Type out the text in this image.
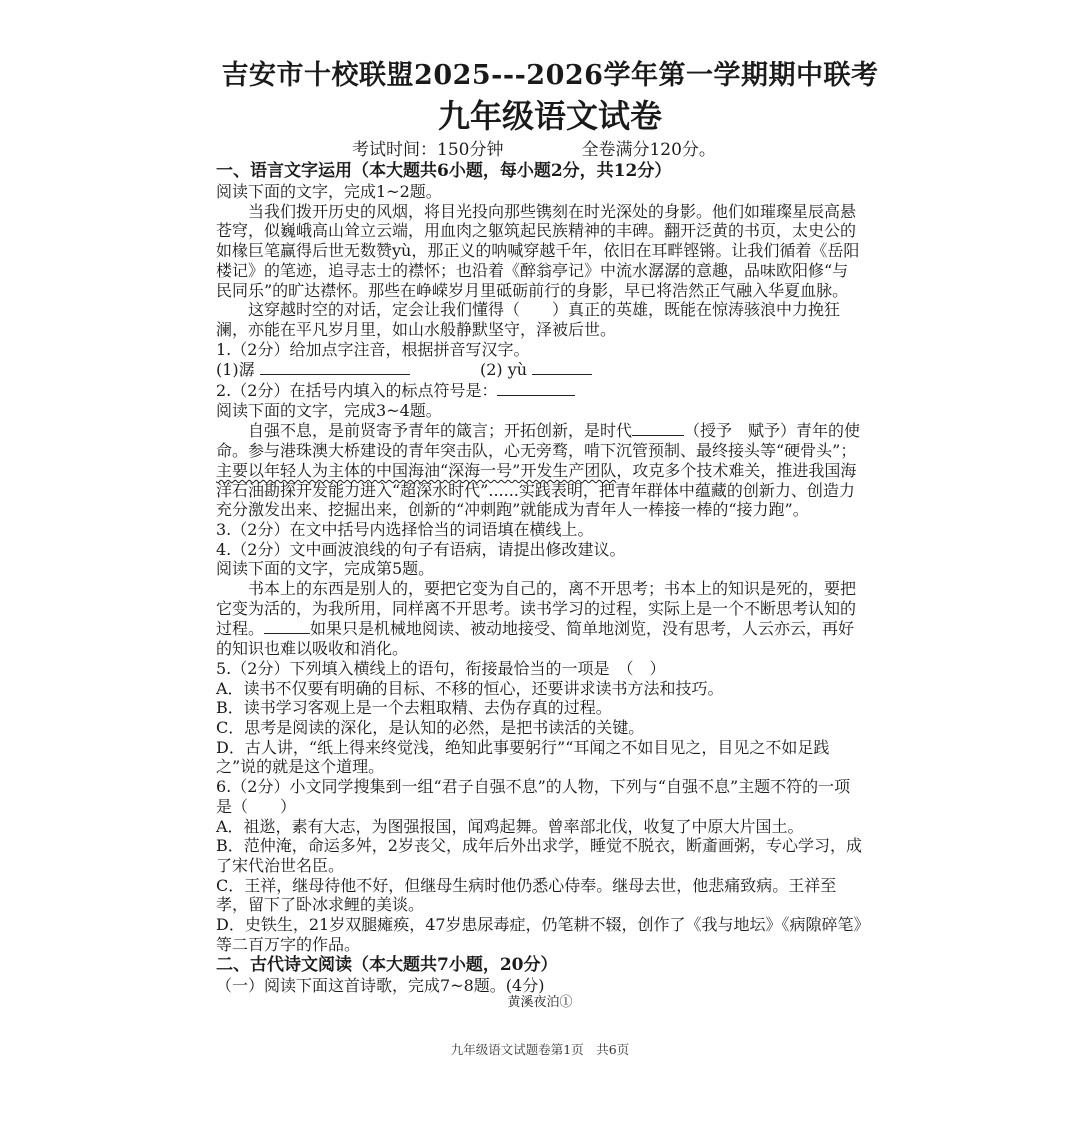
吉安市十校联盟2025---2026学年第一学期期中联考
九年级语文试卷
考试时间：150分钟	全卷满分120分。

一、语言文字运用（本大题共6小题，每小题2分，共12分）

阅读下面的文字，完成1~2题。

当我们拨开历史的风烟，将目光投向那些镌刻在时光深处的身影。他们如璀璨星辰高悬苍穹，似巍峨高山耸立云端，用血肉之躯筑起民族精神的丰碑。翻开泛黄的书页，太史公的如椽巨笔赢得后世无数赞yù，那正义的呐喊穿越千年，依旧在耳畔铿锵。让我们循着《岳阳楼记》的笔迹，追寻志士的襟怀；也沿着《醉翁亭记》中流水潺潺的意趣，品味欧阳修“与民同乐”的旷达襟怀。那些在峥嵘岁月里砥砺前行的身影，早已将浩然正气融入华夏血脉。

这穿越时空的对话，定会让我们懂得（　　）真正的英雄，既能在惊涛骇浪中力挽狂澜，亦能在平凡岁月里，如山水般静默坚守，泽被后世。

1.（2分）给加点字注音，根据拼音写汉字。

(1)潺	(2) yù

2.（2分）在括号内填入的标点符号是：

阅读下面的文字，完成3~4题。

自强不息，是前贤寄予青年的箴言；开拓创新，是时代	（授予　赋予）青年的使命。参与港珠澳大桥建设的青年突击队，心无旁骛，啃下沉管预制、最终接头等“硬骨头”；主要以年轻人为主体的中国海油“深海一号”开发生产团队，攻克多个技术难关，推进我国海洋石油勘探开发能力进入“超深水时代”......实践表明，把青年群体中蕴藏的创新力、创造力充分激发出来、挖掘出来，创新的“冲刺跑”就能成为青年人一棒接一棒的“接力跑”。

3.（2分）在文中括号内选择恰当的词语填在横线上。

4.（2分）文中画波浪线的句子有语病，请提出修改建议。

阅读下面的文字，完成第5题。

书本上的东西是别人的，要把它变为自己的，离不开思考；书本上的知识是死的，要把它变为活的，为我所用，同样离不开思考。读书学习的过程，实际上是一个不断思考认知的过程。	如果只是机械地阅读、被动地接受、简单地浏览，没有思考，人云亦云，再好的知识也难以吸收和消化。

5.（2分）下列填入横线上的语句，衔接最恰当的一项是　（　）

A．读书不仅要有明确的目标、不移的恒心，还要讲求读书方法和技巧。

B．读书学习客观上是一个去粗取精、去伪存真的过程。

C．思考是阅读的深化，是认知的必然，是把书读活的关键。

D．古人讲，“纸上得来终觉浅，绝知此事要躬行”“耳闻之不如目见之，目见之不如足践之”说的就是这个道理。

6.（2分）小文同学搜集到一组“君子自强不息”的人物，下列与“自强不息”主题不符的一项是（　　）

A．祖逖，素有大志，为图强报国，闻鸡起舞。曾率部北伐，收复了中原大片国土。

B．范仲淹，命运多舛，2岁丧父，成年后外出求学，睡觉不脱衣，断齑画粥，专心学习，成了宋代治世名臣。

C．王祥，继母待他不好，但继母生病时他仍悉心侍奉。继母去世，他悲痛致病。王祥至孝，留下了卧冰求鲤的美谈。

D．史铁生，21岁双腿瘫痪，47岁患尿毒症，仍笔耕不辍，创作了《我与地坛》《病隙碎笔》等二百万字的作品。

二、古代诗文阅读（本大题共7小题，20分）

（一）阅读下面这首诗歌，完成7~8题。(4分)

黄溪夜泊①

九年级语文试题卷第1页　共6页
